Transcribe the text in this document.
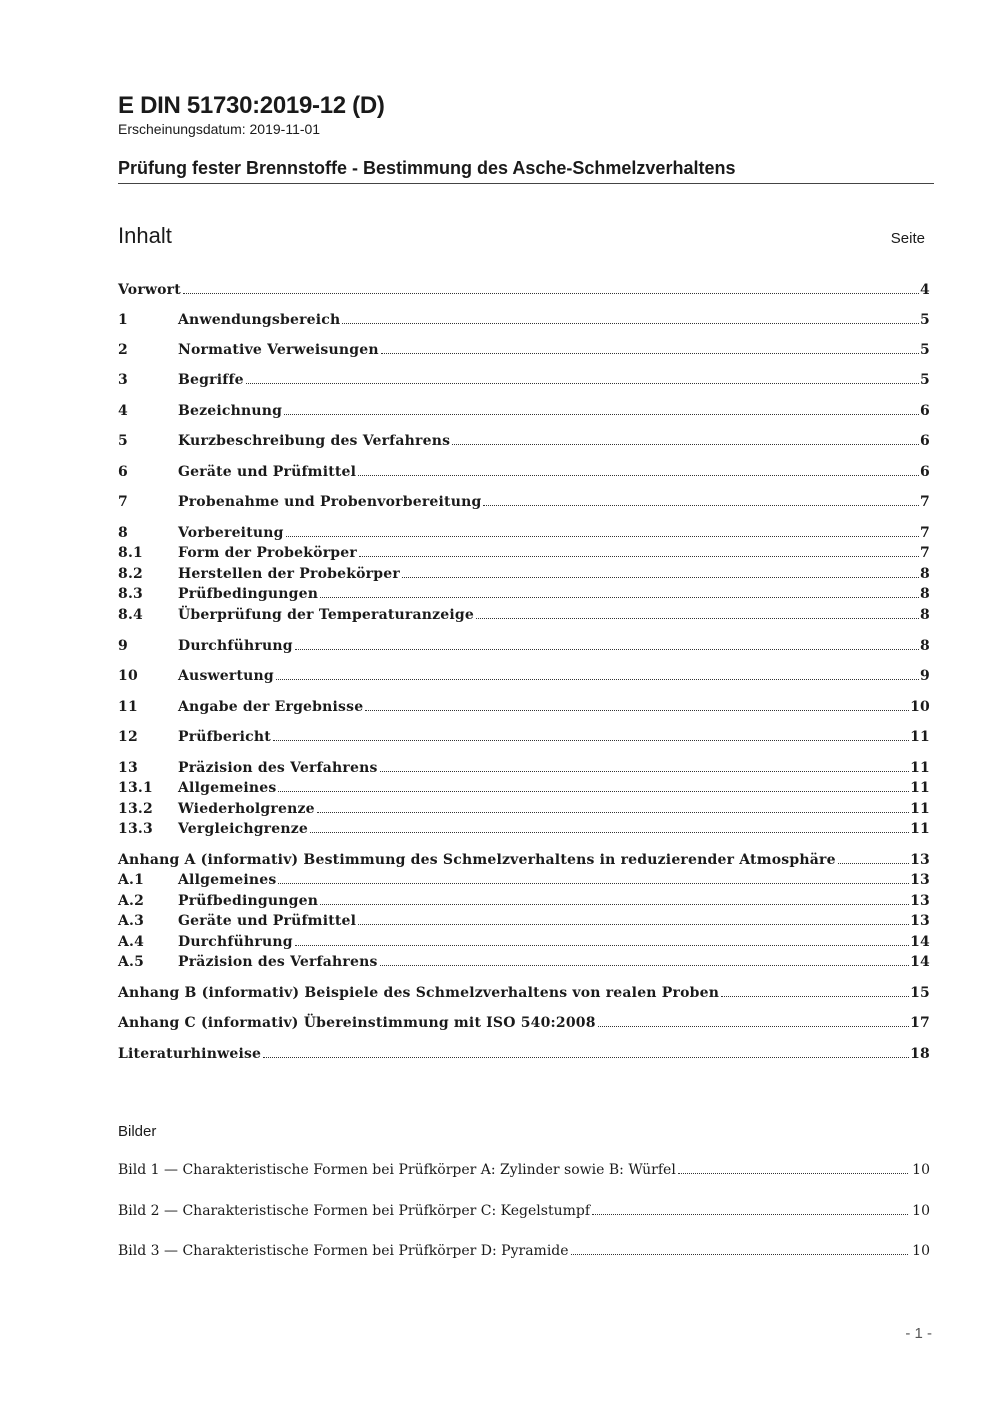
E DIN 51730:2019-12 (D)
Erscheinungsdatum: 2019-11-01
Prüfung fester Brennstoffe - Bestimmung des Asche-Schmelzverhaltens
Inhalt	Seite
Vorwort	4
1	Anwendungsbereich	5
2	Normative Verweisungen	5
3	Begriffe	5
4	Bezeichnung	6
5	Kurzbeschreibung des Verfahrens	6
6	Geräte und Prüfmittel	6
7	Probenahme und Probenvorbereitung	7
8	Vorbereitung	7
8.1	Form der Probekörper	7
8.2	Herstellen der Probekörper	8
8.3	Prüfbedingungen	8
8.4	Überprüfung der Temperaturanzeige	8
9	Durchführung	8
10	Auswertung	9
11	Angabe der Ergebnisse	10
12	Prüfbericht	11
13	Präzision des Verfahrens	11
13.1	Allgemeines	11
13.2	Wiederholgrenze	11
13.3	Vergleichgrenze	11
Anhang A (informativ) Bestimmung des Schmelzverhaltens in reduzierender Atmosphäre	13
A.1	Allgemeines	13
A.2	Prüfbedingungen	13
A.3	Geräte und Prüfmittel	13
A.4	Durchführung	14
A.5	Präzision des Verfahrens	14
Anhang B (informativ) Beispiele des Schmelzverhaltens von realen Proben	15
Anhang C (informativ) Übereinstimmung mit ISO 540:2008	17
Literaturhinweise	18
Bilder
Bild 1 — Charakteristische Formen bei Prüfkörper A: Zylinder sowie B: Würfel	10
Bild 2 — Charakteristische Formen bei Prüfkörper C: Kegelstumpf	10
Bild 3 — Charakteristische Formen bei Prüfkörper D: Pyramide	10
- 1 -
